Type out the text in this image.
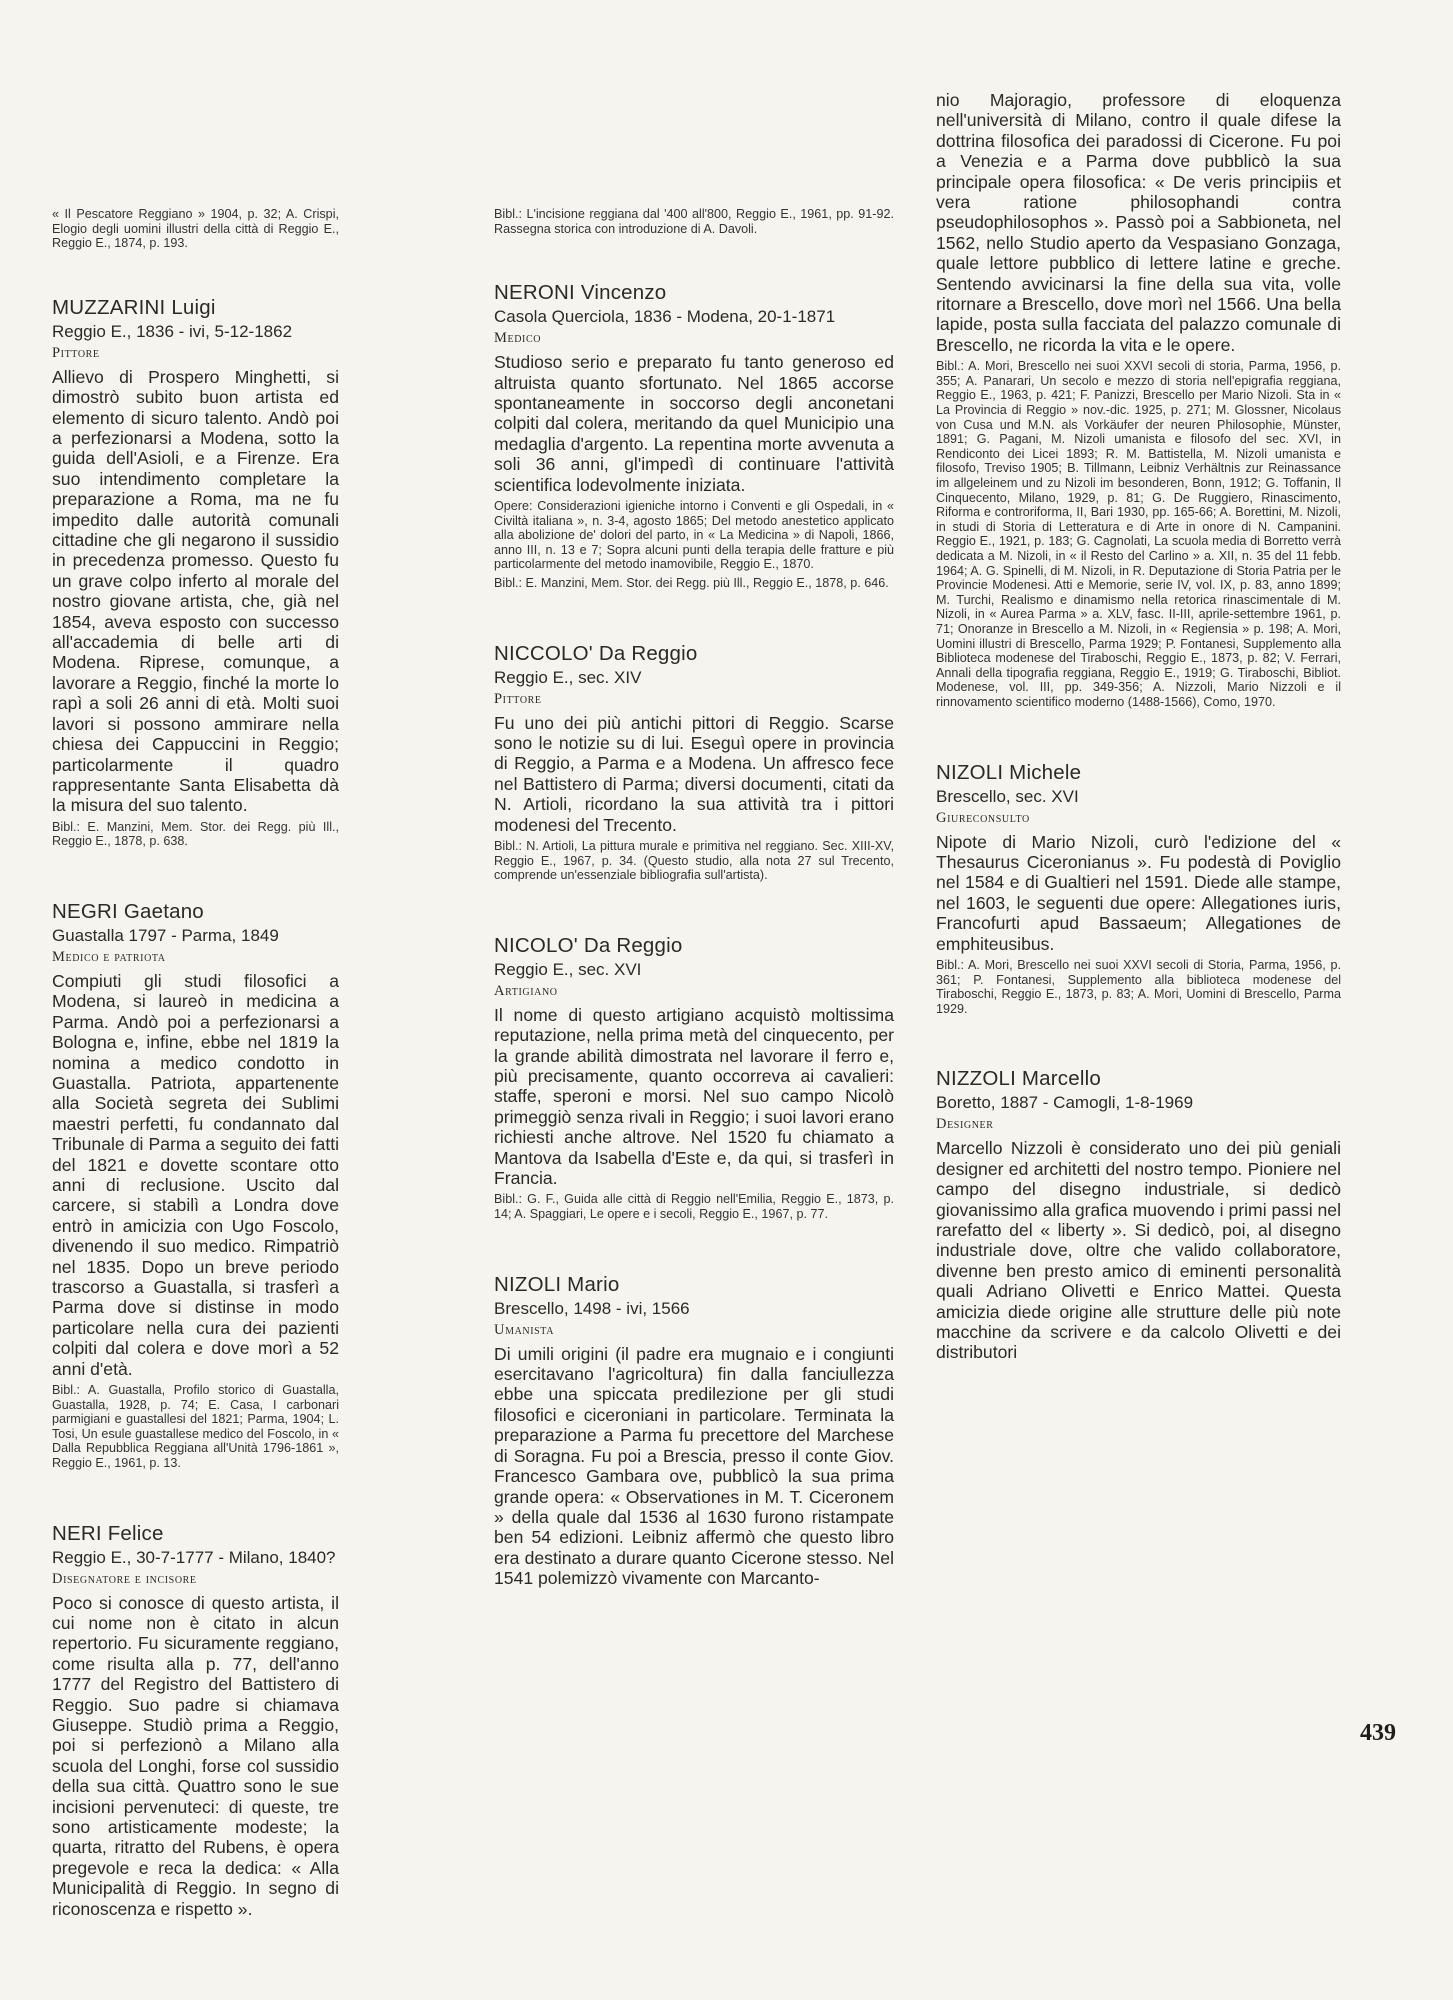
« Il Pescatore Reggiano » 1904, p. 32; A. Crispi, Elogio degli uomini illustri della città di Reggio E., Reggio E., 1874, p. 193.
MUZZARINI Luigi
Reggio E., 1836 - ivi, 5-12-1862
Pittore
Allievo di Prospero Minghetti, si dimostrò subito buon artista ed elemento di sicuro talento. Andò poi a perfezionarsi a Modena, sotto la guida dell'Asioli, e a Firenze. Era suo intendimento completare la preparazione a Roma, ma ne fu impedito dalle autorità comunali cittadine che gli negarono il sussidio in precedenza promesso. Questo fu un grave colpo inferto al morale del nostro giovane artista, che, già nel 1854, aveva esposto con successo all'accademia di belle arti di Modena. Riprese, comunque, a lavorare a Reggio, finché la morte lo rapì a soli 26 anni di età. Molti suoi lavori si possono ammirare nella chiesa dei Cappuccini in Reggio; particolarmente il quadro rappresentante Santa Elisabetta dà la misura del suo talento.
Bibl.: E. Manzini, Mem. Stor. dei Regg. più Ill., Reggio E., 1878, p. 638.
NEGRI Gaetano
Guastalla 1797 - Parma, 1849
Medico e patriota
Compiuti gli studi filosofici a Modena, si laureò in medicina a Parma. Andò poi a perfezionarsi a Bologna e, infine, ebbe nel 1819 la nomina a medico condotto in Guastalla. Patriota, appartenente alla Società segreta dei Sublimi maestri perfetti, fu condannato dal Tribunale di Parma a seguito dei fatti del 1821 e dovette scontare otto anni di reclusione. Uscito dal carcere, si stabilì a Londra dove entrò in amicizia con Ugo Foscolo, divenendo il suo medico. Rimpatriò nel 1835. Dopo un breve periodo trascorso a Guastalla, si trasferì a Parma dove si distinse in modo particolare nella cura dei pazienti colpiti dal colera e dove morì a 52 anni d'età.
Bibl.: A. Guastalla, Profilo storico di Guastalla, Guastalla, 1928, p. 74; E. Casa, I carbonari parmigiani e guastallesi del 1821; Parma, 1904; L. Tosi, Un esule guastallese medico del Foscolo, in « Dalla Repubblica Reggiana all'Unità 1796-1861 », Reggio E., 1961, p. 13.
NERI Felice
Reggio E., 30-7-1777 - Milano, 1840?
Disegnatore e incisore
Poco si conosce di questo artista, il cui nome non è citato in alcun repertorio. Fu sicuramente reggiano, come risulta alla p. 77, dell'anno 1777 del Registro del Battistero di Reggio. Suo padre si chiamava Giuseppe. Studiò prima a Reggio, poi si perfezionò a Milano alla scuola del Longhi, forse col sussidio della sua città. Quattro sono le sue incisioni pervenuteci: di queste, tre sono artisticamente modeste; la quarta, ritratto del Rubens, è opera pregevole e reca la dedica: « Alla Municipalità di Reggio. In segno di riconoscenza e rispetto ».
Bibl.: L'incisione reggiana dal '400 all'800, Reggio E., 1961, pp. 91-92. Rassegna storica con introduzione di A. Davoli.
NERONI Vincenzo
Casola Querciola, 1836 - Modena, 20-1-1871
Medico
Studioso serio e preparato fu tanto generoso ed altruista quanto sfortunato. Nel 1865 accorse spontaneamente in soccorso degli anconetani colpiti dal colera, meritando da quel Municipio una medaglia d'argento. La repentina morte avvenuta a soli 36 anni, gl'impedì di continuare l'attività scientifica lodevolmente iniziata.
Opere: Considerazioni igieniche intorno i Conventi e gli Ospedali, in « Civiltà italiana », n. 3-4, agosto 1865; Del metodo anestetico applicato alla abolizione de' dolori del parto, in « La Medicina » di Napoli, 1866, anno III, n. 13 e 7; Sopra alcuni punti della terapia delle fratture e più particolarmente del metodo inamovibile, Reggio E., 1870.
Bibl.: E. Manzini, Mem. Stor. dei Regg. più Ill., Reggio E., 1878, p. 646.
NICCOLO' Da Reggio
Reggio E., sec. XIV
Pittore
Fu uno dei più antichi pittori di Reggio. Scarse sono le notizie su di lui. Eseguì opere in provincia di Reggio, a Parma e a Modena. Un affresco fece nel Battistero di Parma; diversi documenti, citati da N. Artioli, ricordano la sua attività tra i pittori modenesi del Trecento.
Bibl.: N. Artioli, La pittura murale e primitiva nel reggiano. Sec. XIII-XV, Reggio E., 1967, p. 34. (Questo studio, alla nota 27 sul Trecento, comprende un'essenziale bibliografia sull'artista).
NICOLO' Da Reggio
Reggio E., sec. XVI
Artigiano
Il nome di questo artigiano acquistò moltissima reputazione, nella prima metà del cinquecento, per la grande abilità dimostrata nel lavorare il ferro e, più precisamente, quanto occorreva ai cavalieri: staffe, speroni e morsi. Nel suo campo Nicolò primeggiò senza rivali in Reggio; i suoi lavori erano richiesti anche altrove. Nel 1520 fu chiamato a Mantova da Isabella d'Este e, da qui, si trasferì in Francia.
Bibl.: G. F., Guida alle città di Reggio nell'Emilia, Reggio E., 1873, p. 14; A. Spaggiari, Le opere e i secoli, Reggio E., 1967, p. 77.
NIZOLI Mario
Brescello, 1498 - ivi, 1566
Umanista
Di umili origini (il padre era mugnaio e i congiunti esercitavano l'agricoltura) fin dalla fanciullezza ebbe una spiccata predilezione per gli studi filosofici e ciceroniani in particolare. Terminata la preparazione a Parma fu precettore del Marchese di Soragna. Fu poi a Brescia, presso il conte Giov. Francesco Gambara ove, pubblicò la sua prima grande opera: « Observationes in M. T. Ciceronem » della quale dal 1536 al 1630 furono ristampate ben 54 edizioni. Leibniz affermò che questo libro era destinato a durare quanto Cicerone stesso. Nel 1541 polemizzò vivamente con Marcanto-
nio Majoragio, professore di eloquenza nell'università di Milano, contro il quale difese la dottrina filosofica dei paradossi di Cicerone. Fu poi a Venezia e a Parma dove pubblicò la sua principale opera filosofica: « De veris principiis et vera ratione philosophandi contra pseudophilosophos ». Passò poi a Sabbioneta, nel 1562, nello Studio aperto da Vespasiano Gonzaga, quale lettore pubblico di lettere latine e greche. Sentendo avvicinarsi la fine della sua vita, volle ritornare a Brescello, dove morì nel 1566. Una bella lapide, posta sulla facciata del palazzo comunale di Brescello, ne ricorda la vita e le opere.
Bibl.: A. Mori, Brescello nei suoi XXVI secoli di storia, Parma, 1956, p. 355; A. Panarari, Un secolo e mezzo di storia nell'epigrafia reggiana, Reggio E., 1963, p. 421; F. Panizzi, Brescello per Mario Nizoli. Sta in « La Provincia di Reggio » nov.-dic. 1925, p. 271; M. Glossner, Nicolaus von Cusa und M.N. als Vorkäufer der neuren Philosophie, Münster, 1891; G. Pagani, M. Nizoli umanista e filosofo del sec. XVI, in Rendiconto dei Licei 1893; R. M. Battistella, M. Nizoli umanista e filosofo, Treviso 1905; B. Tillmann, Leibniz Verhältnis zur Reinassance im allgeleinem und zu Nizoli im besonderen, Bonn, 1912; G. Toffanin, Il Cinquecento, Milano, 1929, p. 81; G. De Ruggiero, Rinascimento, Riforma e controriforma, II, Bari 1930, pp. 165-66; A. Borettini, M. Nizoli, in studi di Storia di Letteratura e di Arte in onore di N. Campanini. Reggio E., 1921, p. 183; G. Cagnolati, La scuola media di Borretto verrà dedicata a M. Nizoli, in « il Resto del Carlino » a. XII, n. 35 del 11 febb. 1964; A. G. Spinelli, di M. Nizoli, in R. Deputazione di Storia Patria per le Provincie Modenesi. Atti e Memorie, serie IV, vol. IX, p. 83, anno 1899; M. Turchi, Realismo e dinamismo nella retorica rinascimentale di M. Nizoli, in « Aurea Parma » a. XLV, fasc. II-III, aprile-settembre 1961, p. 71; Onoranze in Brescello a M. Nizoli, in « Regiensia » p. 198; A. Mori, Uomini illustri di Brescello, Parma 1929; P. Fontanesi, Supplemento alla Biblioteca modenese del Tiraboschi, Reggio E., 1873, p. 82; V. Ferrari, Annali della tipografia reggiana, Reggio E., 1919; G. Tiraboschi, Bibliot. Modenese, vol. III, pp. 349-356; A. Nizzoli, Mario Nizzoli e il rinnovamento scientifico moderno (1488-1566), Como, 1970.
NIZOLI Michele
Brescello, sec. XVI
Giureconsulto
Nipote di Mario Nizoli, curò l'edizione del « Thesaurus Ciceronianus ». Fu podestà di Poviglio nel 1584 e di Gualtieri nel 1591. Diede alle stampe, nel 1603, le seguenti due opere: Allegationes iuris, Francofurti apud Bassaeum; Allegationes de emphiteusibus.
Bibl.: A. Mori, Brescello nei suoi XXVI secoli di Storia, Parma, 1956, p. 361; P. Fontanesi, Supplemento alla biblioteca modenese del Tiraboschi, Reggio E., 1873, p. 83; A. Mori, Uomini di Brescello, Parma 1929.
NIZZOLI Marcello
Boretto, 1887 - Camogli, 1-8-1969
Designer
Marcello Nizzoli è considerato uno dei più geniali designer ed architetti del nostro tempo. Pioniere nel campo del disegno industriale, si dedicò giovanissimo alla grafica muovendo i primi passi nel rarefatto del « liberty ». Si dedicò, poi, al disegno industriale dove, oltre che valido collaboratore, divenne ben presto amico di eminenti personalità quali Adriano Olivetti e Enrico Mattei. Questa amicizia diede origine alle strutture delle più note macchine da scrivere e da calcolo Olivetti e dei distributori
439
